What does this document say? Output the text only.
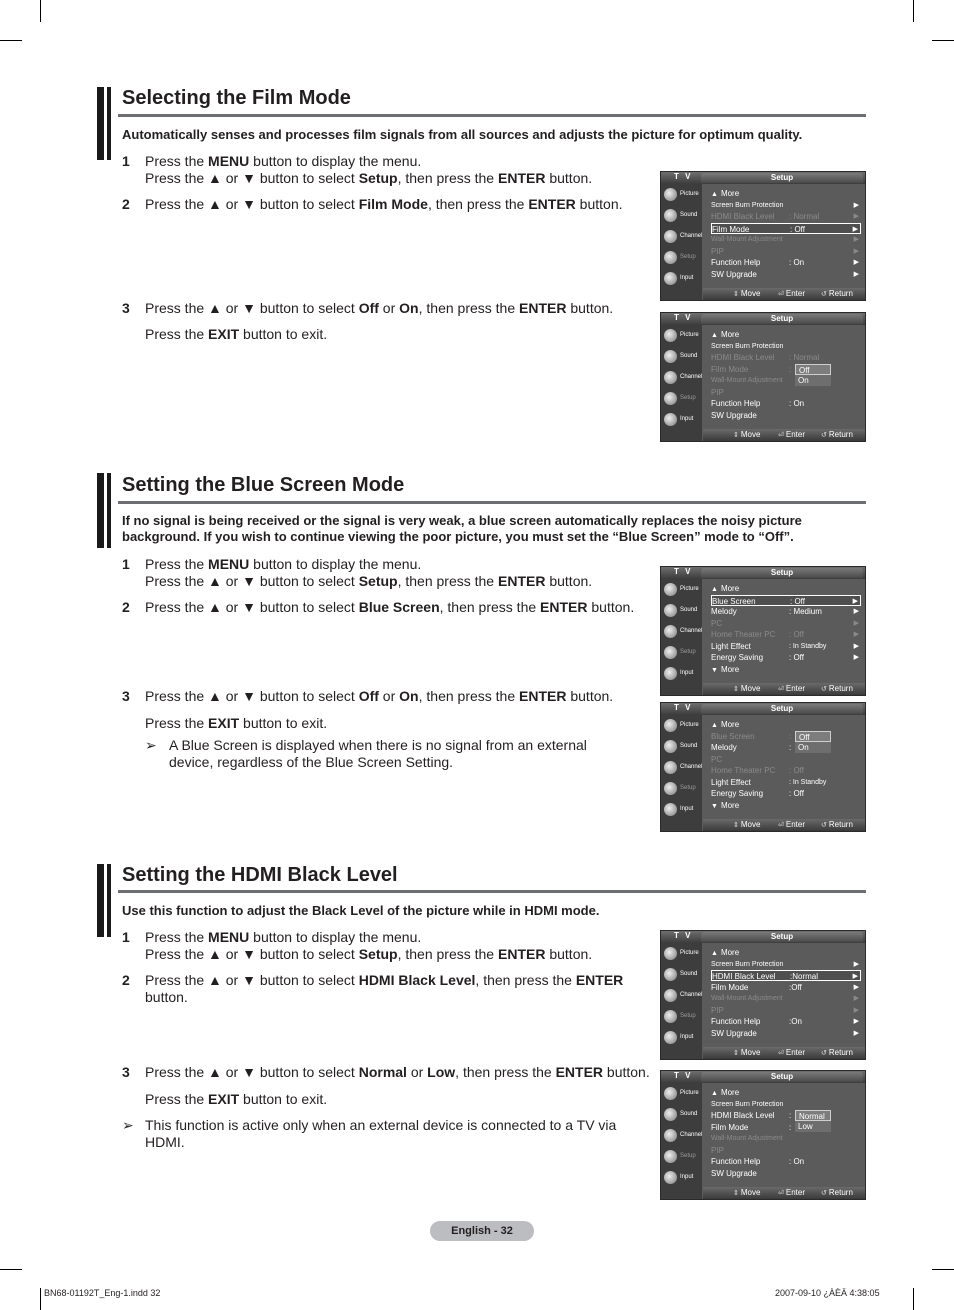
Selecting the Film Mode
Automatically senses and processes film signals from all sources and adjusts the picture for optimum quality.
1 Press the MENU button to display the menu.

Press the ▲ or ▼ button to select Setup, then press the ENTER button.

2 Press the ▲ or ▼ button to select Film Mode, then press the ENTER button.

3 Press the ▲ or ▼ button to select Off or On, then press the ENTER button.

Press the EXIT button to exit.

Setting the Blue Screen Mode
If no signal is being received or the signal is very weak, a blue screen automatically replaces the noisy picture background. If you wish to continue viewing the poor picture, you must set the “Blue Screen” mode to “Off”.
1 Press the MENU button to display the menu.

Press the ▲ or ▼ button to select Setup, then press the ENTER button.

2 Press the ▲ or ▼ button to select Blue Screen, then press the ENTER button.

3 Press the ▲ or ▼ button to select Off or On, then press the ENTER button.

Press the EXIT button to exit.

➢ A Blue Screen is displayed when there is no signal from an external device, regardless of the Blue Screen Setting.
Setting the HDMI Black Level
Use this function to adjust the Black Level of the picture while in HDMI mode.
1 Press the MENU button to display the menu.

Press the ▲ or ▼ button to select Setup, then press the ENTER button.

2 Press the ▲ or ▼ button to select HDMI Black Level, then press the ENTER

button.

3 Press the ▲ or ▼ button to select Normal or Low, then press the ENTER button.

Press the EXIT button to exit.

➢ This function is active only when an external device is connected to a TV via HDMI.
T V	Setup
Picture
Sound
Channel
Setup
Input
▲ More
Screen Burn Protection	▶
HDMI Black Level : Normal	▶
Film Mode	: Off	▶
Wall-Mount Adjustment	▶
PIP	▶
Function Help	: On	▶
SW Upgrade	▶
⇕ Move	⏎ Enter ↺ Return
T V	Setup
Picture
Sound
Channel
Setup
Input
▲ More
Screen Burn Protection
HDMI Black Level : Normal
Film Mode	:
Wall-Mount Adjustment
PIP
Function Help	: On
SW Upgrade
Off
On
⇕ Move	⏎ Enter ↺ Return
T V	Setup
Picture
Sound
Channel
Setup
Input
▲ More
Blue Screen	: Off	▶
Melody	: Medium	▶
PC	▶
Home Theater PC : Off	▶
Light Effect	: In Standby	▶
Energy Saving	: Off	▶
▼ More
⇕ Move	⏎ Enter ↺ Return
T V	Setup
Picture
Sound
Channel
Setup
Input
▲ More
Blue Screen	:
Melody	:
PC
Home Theater PC : Off
Light Effect	: In Standby
Energy Saving	: Off
▼ More
Off
On
⇕ Move	⏎ Enter ↺ Return
T V	Setup
Picture
Sound
Channel
Setup
Input
▲ More
Screen Burn Protection	▶
HDMI Black Level :Normal	▶
Film Mode	:Off	▶
Wall-Mount Adjustment	▶
PIP	▶
Function Help	:On	▶
SW Upgrade	▶
⇕ Move	⏎ Enter ↺ Return
T V	Setup
Picture
Sound
Channel
Setup
Input
▲ More
Screen Burn Protection
HDMI Black Level :
Film Mode	:
Wall-Mount Adjustment
PIP
Function Help	: On
SW Upgrade
Normal
Low
⇕ Move	⏎ Enter ↺ Return
English - 32
BN68-01192T_Eng-1.indd 32	2007-09-10 ¿ÀÈÄ 4:38:05
